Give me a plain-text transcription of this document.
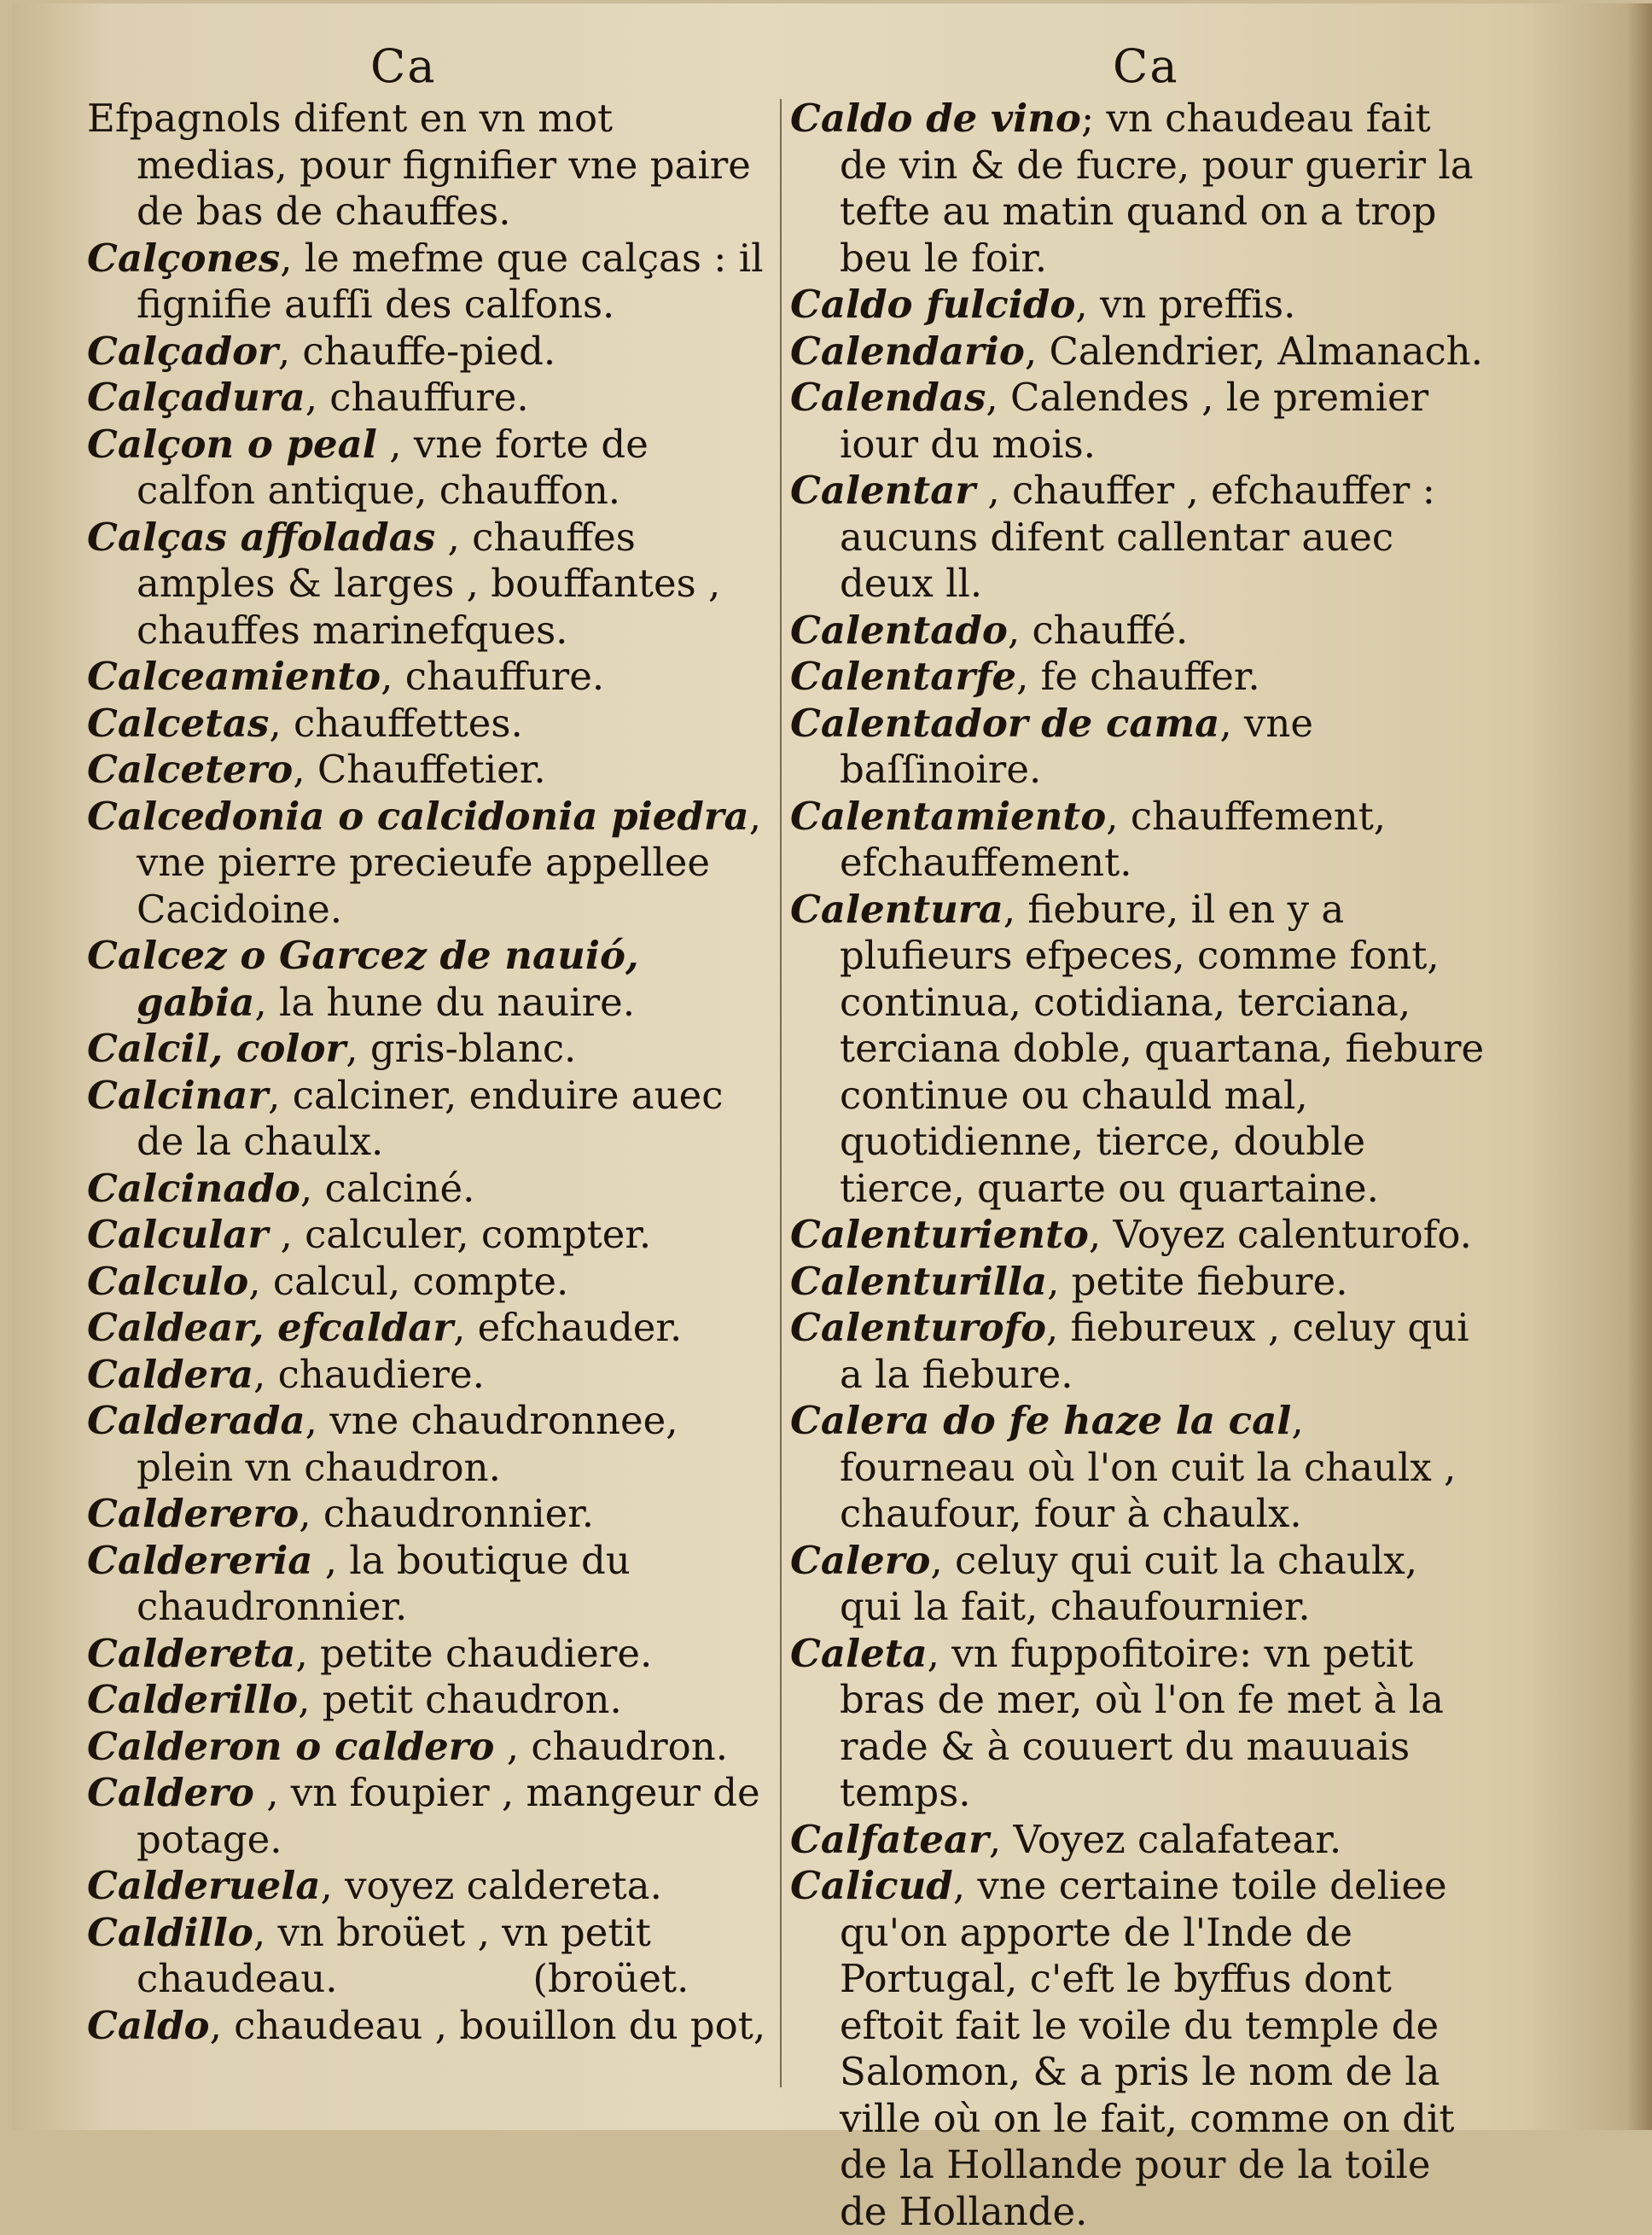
Ca	Ca

Efpagnols difent en vn mot medias, pour fignifier vne paire de bas de chauffes.

Calçones, le mefme que calças : il fignifie aufſi des calfons.

Calçador, chauffe-pied.

Calçadura, chauffure.

Calçon o peal , vne forte de calfon antique, chauffon.

Calças affoladas , chauffes amples & larges , bouffantes , chauffes marinefques.

Calceamiento, chauffure.

Calcetas, chauffettes.

Calcetero, Chauffetier.

Calcedonia o calcidonia piedra, vne pierre precieufe appellee Cacidoine.

Calcez o Garcez de nauió, gabia, la hune du nauire.

Calcil, color, gris-blanc.

Calcinar, calciner, enduire auec de la chaulx.

Calcinado, calciné.

Calcular , calculer, compter.

Calculo, calcul, compte.

Caldear, efcaldar, efchauder.

Caldera, chaudiere.

Calderada, vne chaudronnee, plein vn chaudron.

Calderero, chaudronnier.

Caldereria , la boutique du chaudronnier.

Caldereta, petite chaudiere.

Calderillo, petit chaudron.

Calderon o caldero , chaudron.

Caldero , vn foupier , mangeur de potage.

Calderuela, voyez caldereta.

Caldillo, vn broüet , vn petit chaudeau.                (broüet.

Caldo, chaudeau , bouillon du pot,

Caldo de vino; vn chaudeau fait de vin & de fucre, pour guerir la tefte au matin quand on a trop beu le foir.

Caldo fulcido, vn preffis.

Calendario, Calendrier, Almanach.

Calendas, Calendes , le premier iour du mois.

Calentar , chauffer , efchauffer : aucuns difent callentar auec deux ll.

Calentado, chauffé.

Calentarfe, fe chauffer.

Calentador de cama, vne baſſinoire.

Calentamiento, chauffement, efchauffement.

Calentura, fiebure, il en y a plufieurs efpeces, comme font, continua, cotidiana, terciana, terciana doble, quartana, fiebure continue ou chauld mal, quotidienne, tierce, double tierce, quarte ou quartaine.

Calenturiento, Voyez calenturofo.

Calenturilla, petite fiebure.

Calenturofo, fiebureux , celuy qui a la fiebure.

Calera do fe haze la cal, fourneau où l'on cuit la chaulx , chaufour, four à chaulx.

Calero, celuy qui cuit la chaulx, qui la fait, chaufournier.

Caleta, vn fuppofitoire: vn petit bras de mer, où l'on fe met à la rade & à couuert du mauuais temps.

Calfatear, Voyez calafatear.

Calicud, vne certaine toile deliee qu'on apporte de l'Inde de Portugal, c'eft le byffus dont eftoit fait le voile du temple de Salomon, & a pris le nom de la ville où on le fait, comme on dit de la Hollande pour de la toile de Hollande.
